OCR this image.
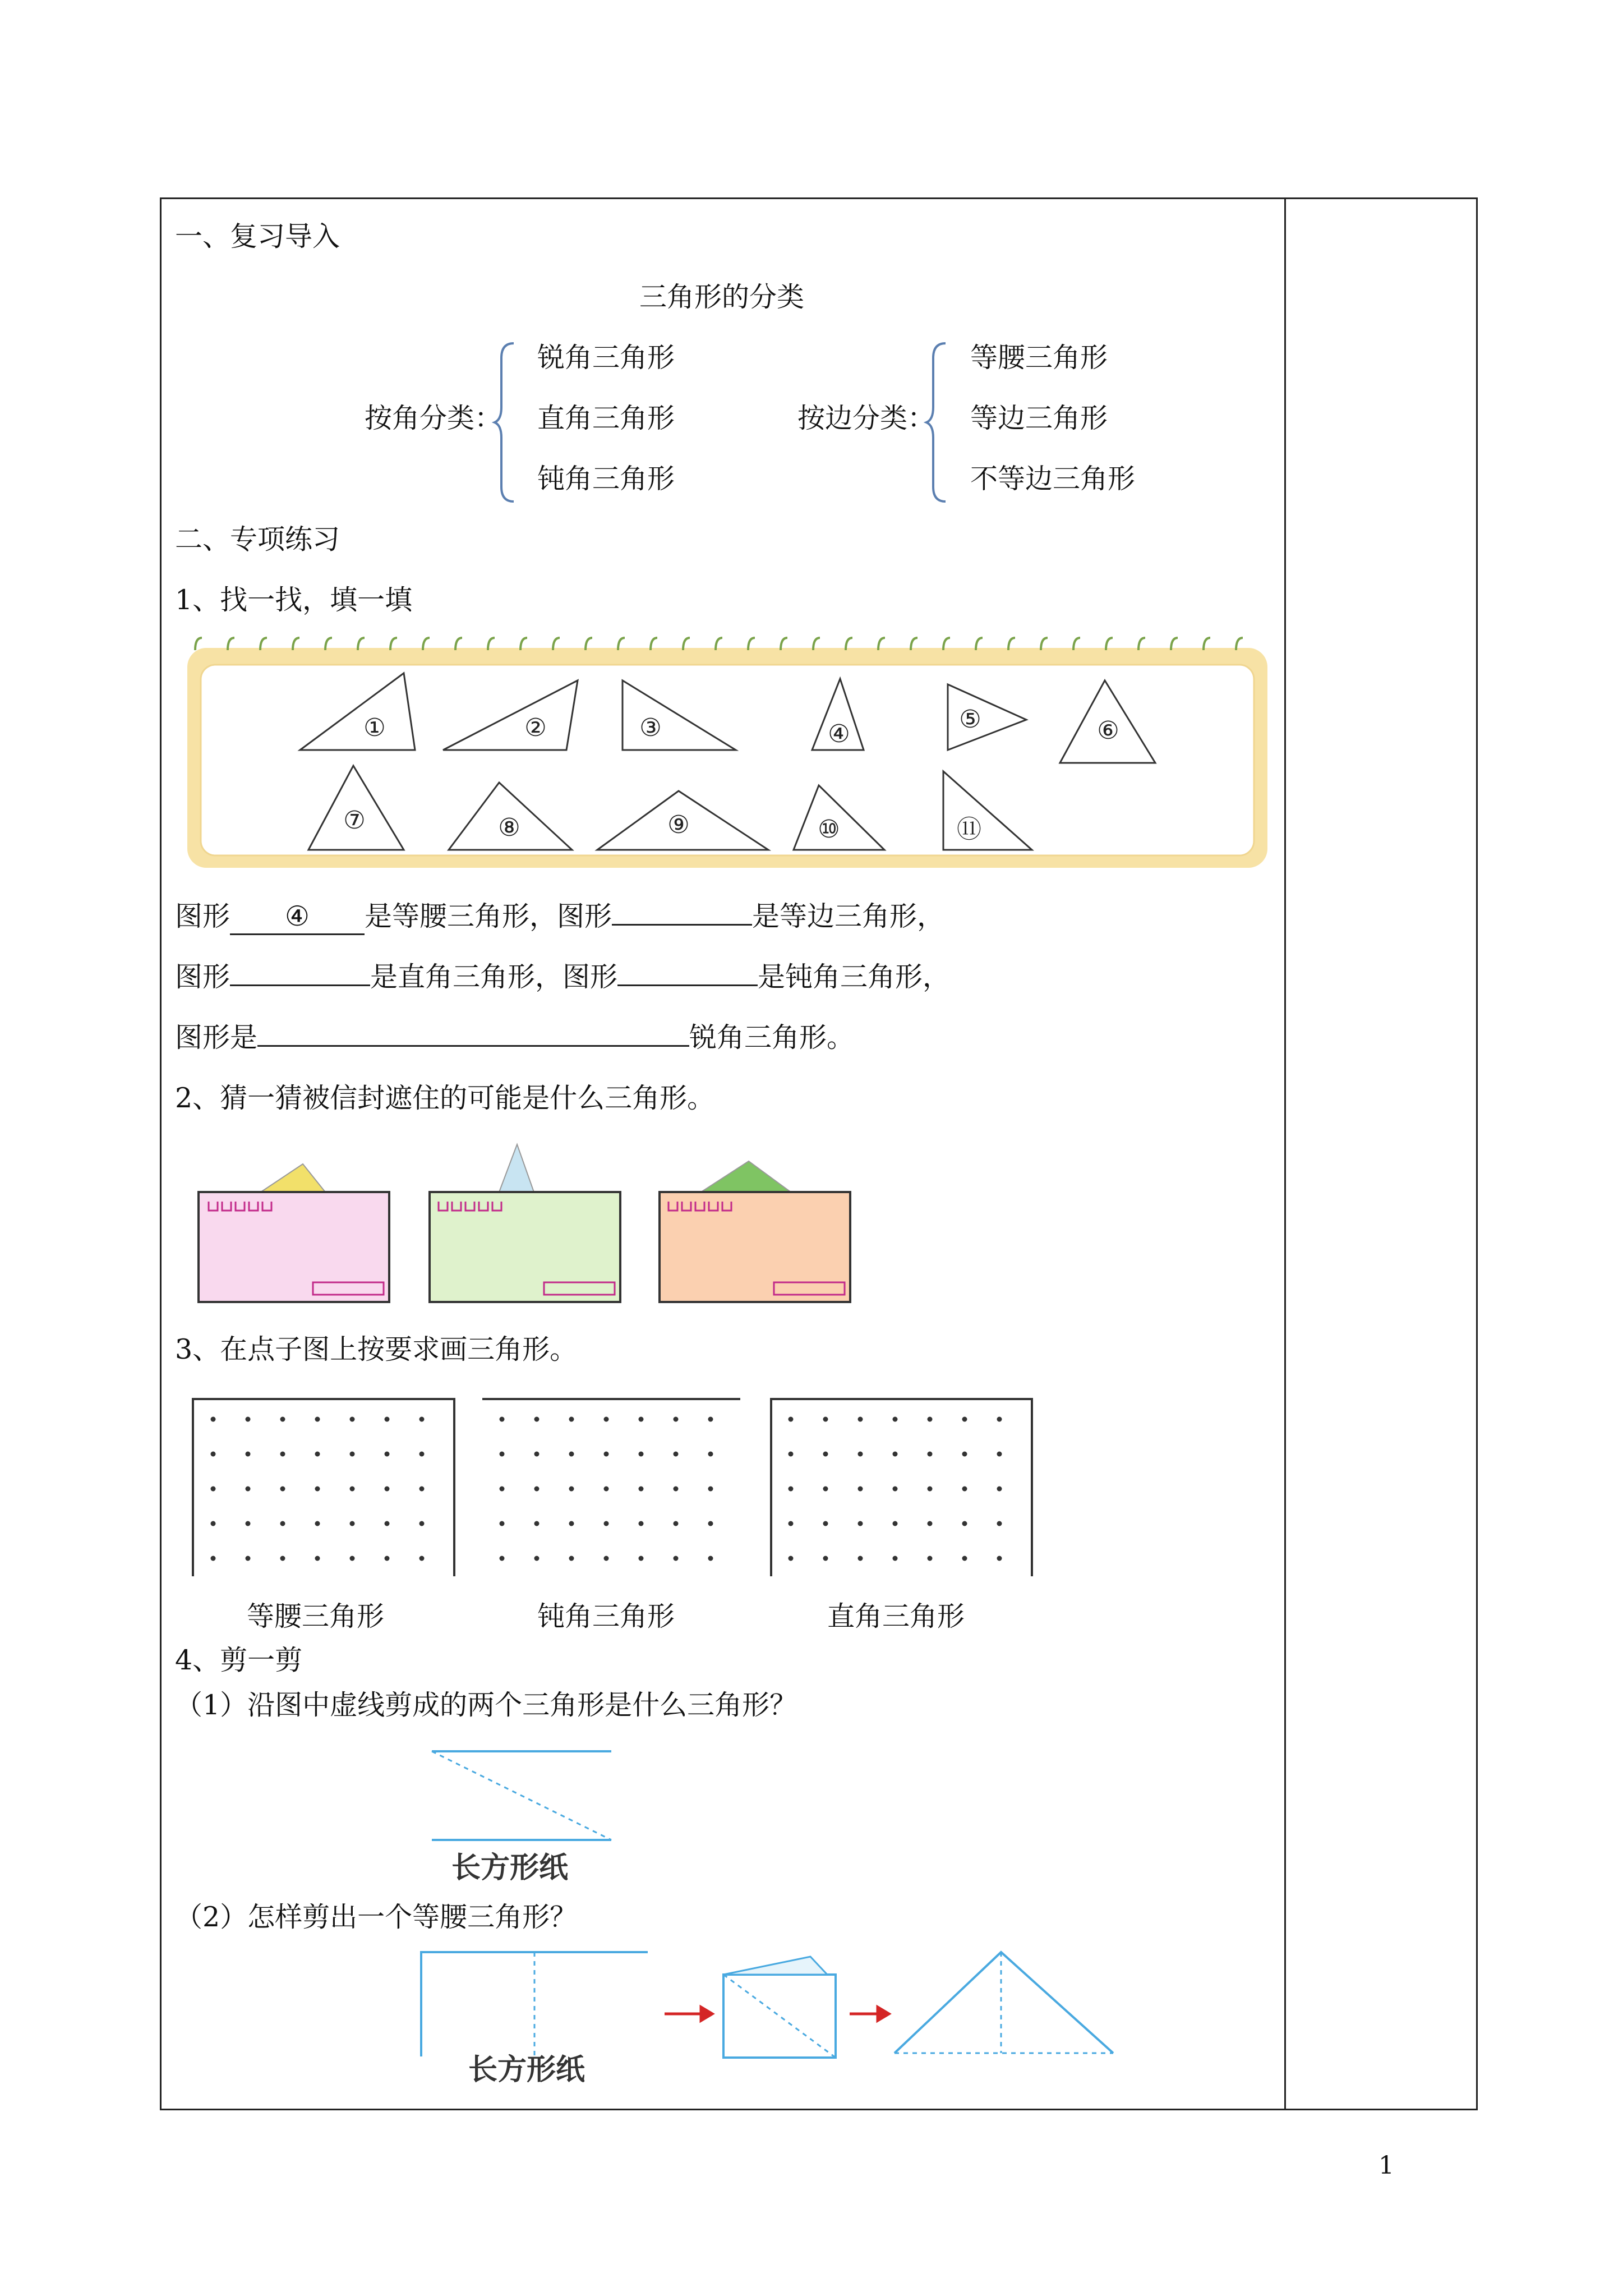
一、复习导入
三角形的分类
按角分类：
锐角三角形
直角三角形
钝角三角形
按边分类：
等腰三角形
等边三角形
不等边三角形
二、专项练习
1、找一找，填一填
①	②	③	④
⑤	⑥
⑦	⑧	⑨	⑩	⑪
图形 ④ 是等腰三角形，图形	是等边三角形，
图形	是直角三角形，图形	是钝角三角形，
图形是	锐角三角形。
2、猜一猜被信封遮住的可能是什么三角形。
3、在点子图上按要求画三角形。
等腰三角形	钝角三角形	直角三角形
4、剪一剪
（1）沿图中虚线剪成的两个三角形是什么三角形？
长方形纸
（2）怎样剪出一个等腰三角形？
长方形纸
1
